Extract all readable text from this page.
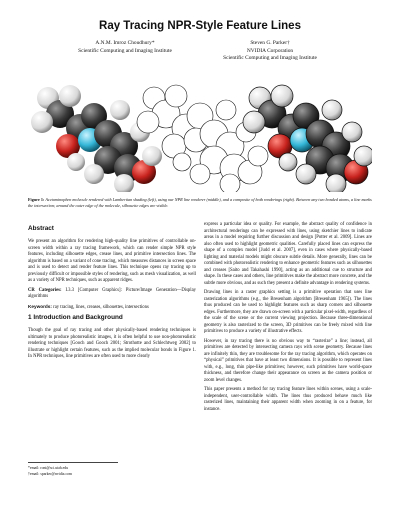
Ray Tracing NPR-Style Feature Lines
A.N.M. Imroz Choudhury*
Scientific Computing and Imaging Institute
Steven G. Parker†
NVIDIA Corporation
Scientific Computing and Imaging Institute
Figure 1: Acetaminophen molecule rendered with Lambertian shading (left), using our NPR line renderer (middle), and a composite of both renderings (right). Between any two bonded atoms, a line marks the intersection; around the outer edge of the molecule, silhouette edges are visible.
Abstract

We present an algorithm for rendering high-quality line primitives of controllable on-screen width within a ray tracing framework, which can render simple NPR style features, including silhouette edges, crease lines, and primitive intersection lines. The algorithm is based on a variant of cone tracing, which measures distances in screen space and is used to detect and render feature lines. This technique opens ray tracing up to previously difficult or impossible styles of rendering, such as mesh visualization, as well as a variety of NPR techniques, such as apparent ridges.

CR Categories: I.3.3 [Computer Graphics]: Picture/Image Generation—Display algorithms

Keywords: ray tracing, lines, creases, silhouettes, intersections

1 Introduction and Background

Though the goal of ray tracing and other physically-based rendering techniques is ultimately to produce photorealistic images, it is often helpful to use non-photorealistic rendering techniques [Gooch and Gooch 2001; Strothotte and Schlechtweg 2002] to illustrate or highlight certain features, such as the implied molecular bonds in Figure 1. In NPR techniques, line primitives are often used to more clearly

*email: roni@sci.utah.edu
†email: sparker@nvidia.com

express a particular idea or quality. For example, the abstract quality of confidence in architectural renderings can be expressed with lines, using sketchier lines to indicate areas in a model requiring further discussion and design [Potter et al. 2009]. Lines are also often used to highlight geometric qualities. Carefully placed lines can express the shape of a complex model [Judd et al. 2007], even in cases where physically-based lighting and material models might obscure subtle details. More generally, lines can be combined with photorealistic rendering to enhance geometric features such as silhouettes and creases [Saito and Takahashi 1990], acting as an additional cue to structure and shape. In these cases and others, line primitives make the abstract more concrete, and the subtle more obvious, and as such they present a definite advantage in rendering systems.

Drawing lines in a raster graphics setting is a primitive operation that uses line rasterization algorithms (e.g., the Bresenham algorithm [Bresenham 1965]). The lines thus produced can be used to highlight features such as sharp corners and silhouette edges. Furthermore, they are drawn on-screen with a particular pixel-width, regardless of the scale of the scene or the current viewing projection. Because three-dimensional geometry is also rasterized to the screen, 3D primitives can be freely mixed with line primitives to produce a variety of illustrative effects.

However, in ray tracing there is no obvious way to “rasterize” a line; instead, all primitives are detected by intersecting camera rays with scene geometry. Because lines are infinitely thin, they are troublesome for the ray tracing algorithm, which operates on “physical” primitives that have at least two dimensions. It is possible to represent lines with, e.g., long, thin pipe-like primitives; however, such primitives have world-space thickness, and therefore change their appearance on screen as the camera position or zoom level changes.

This paper presents a method for ray tracing feature lines within scenes, using a scale-independent, user-controllable width. The lines thus produced behave much like rasterized lines, maintaining their apparent width when zooming in on a feature, for instance.
